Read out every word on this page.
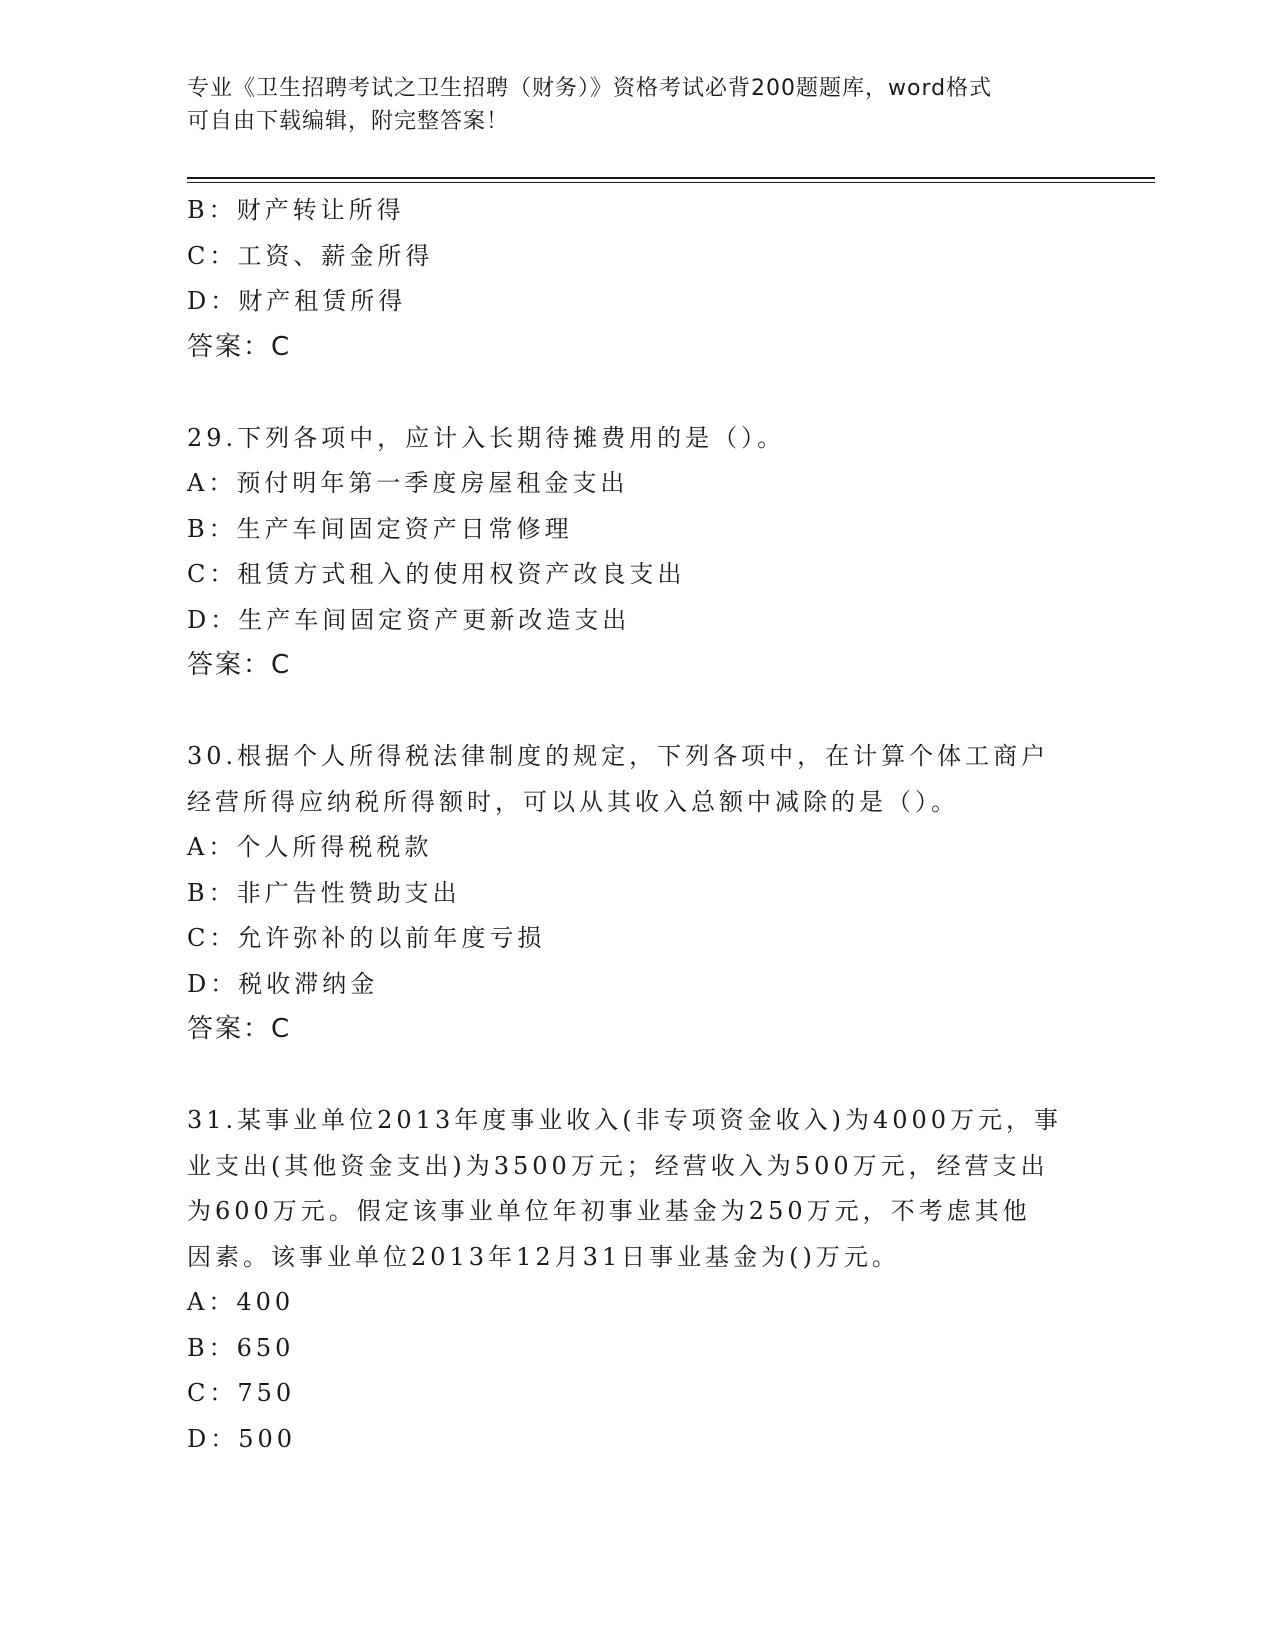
专业《卫生招聘考试之卫生招聘（财务）》资格考试必背200题题库，word格式
可自由下载编辑，附完整答案！
B：财产转让所得
C：工资、薪金所得
D：财产租赁所得
答案：C
29.下列各项中，应计入长期待摊费用的是（）。
A：预付明年第一季度房屋租金支出
B：生产车间固定资产日常修理
C：租赁方式租入的使用权资产改良支出
D：生产车间固定资产更新改造支出
答案：C
30.根据个人所得税法律制度的规定，下列各项中，在计算个体工商户
经营所得应纳税所得额时，可以从其收入总额中减除的是（）。
A：个人所得税税款
B：非广告性赞助支出
C：允许弥补的以前年度亏损
D：税收滞纳金
答案：C
31.某事业单位2013年度事业收入(非专项资金收入)为4000万元，事
业支出(其他资金支出)为3500万元；经营收入为500万元，经营支出
为600万元。假定该事业单位年初事业基金为250万元，不考虑其他
因素。该事业单位2013年12月31日事业基金为()万元。
A：400
B：650
C：750
D：500
